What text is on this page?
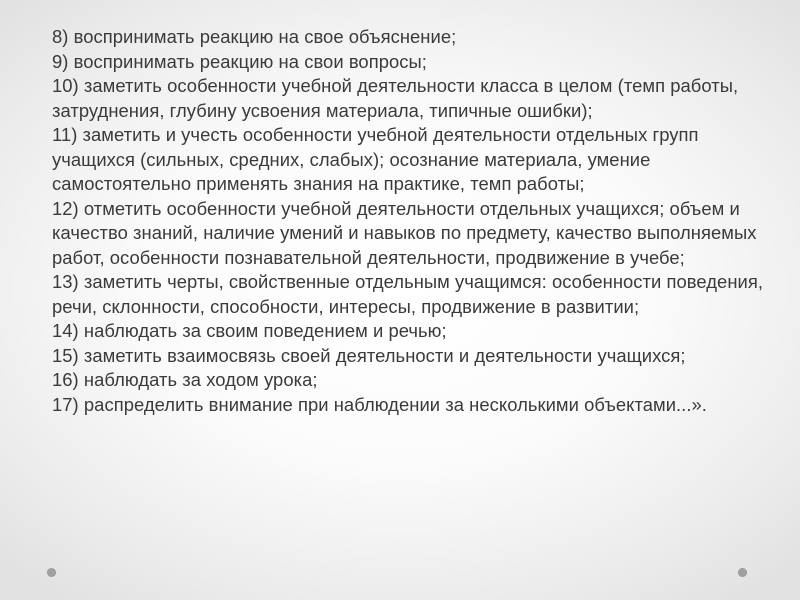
8) воспринимать реакцию на свое объяснение;
9) воспринимать реакцию на свои вопросы;
10) заметить особенности учебной деятельности класса в целом (темп работы, затруднения, глубину усвоения материала, типичные ошибки);
11) заметить и учесть особенности учебной деятельности отдельных групп учащихся (сильных, средних, слабых); осознание материала, умение самостоятельно применять знания на практике, темп работы;
12) отметить особенности учебной деятельности отдельных учащихся; объем и качество знаний, наличие умений и навыков по предмету, качество выполняемых работ, особенности познавательной деятельности, продвижение в учебе;
13) заметить черты, свойственные отдельным учащимся: особенности поведения, речи, склонности, способности, интересы, продвижение в развитии;
14) наблюдать за своим поведением и речью;
15) заметить взаимосвязь своей деятельности и деятельности учащихся;
16) наблюдать за ходом урока;
17) распределить внимание при наблюдении за несколькими объектами...».
